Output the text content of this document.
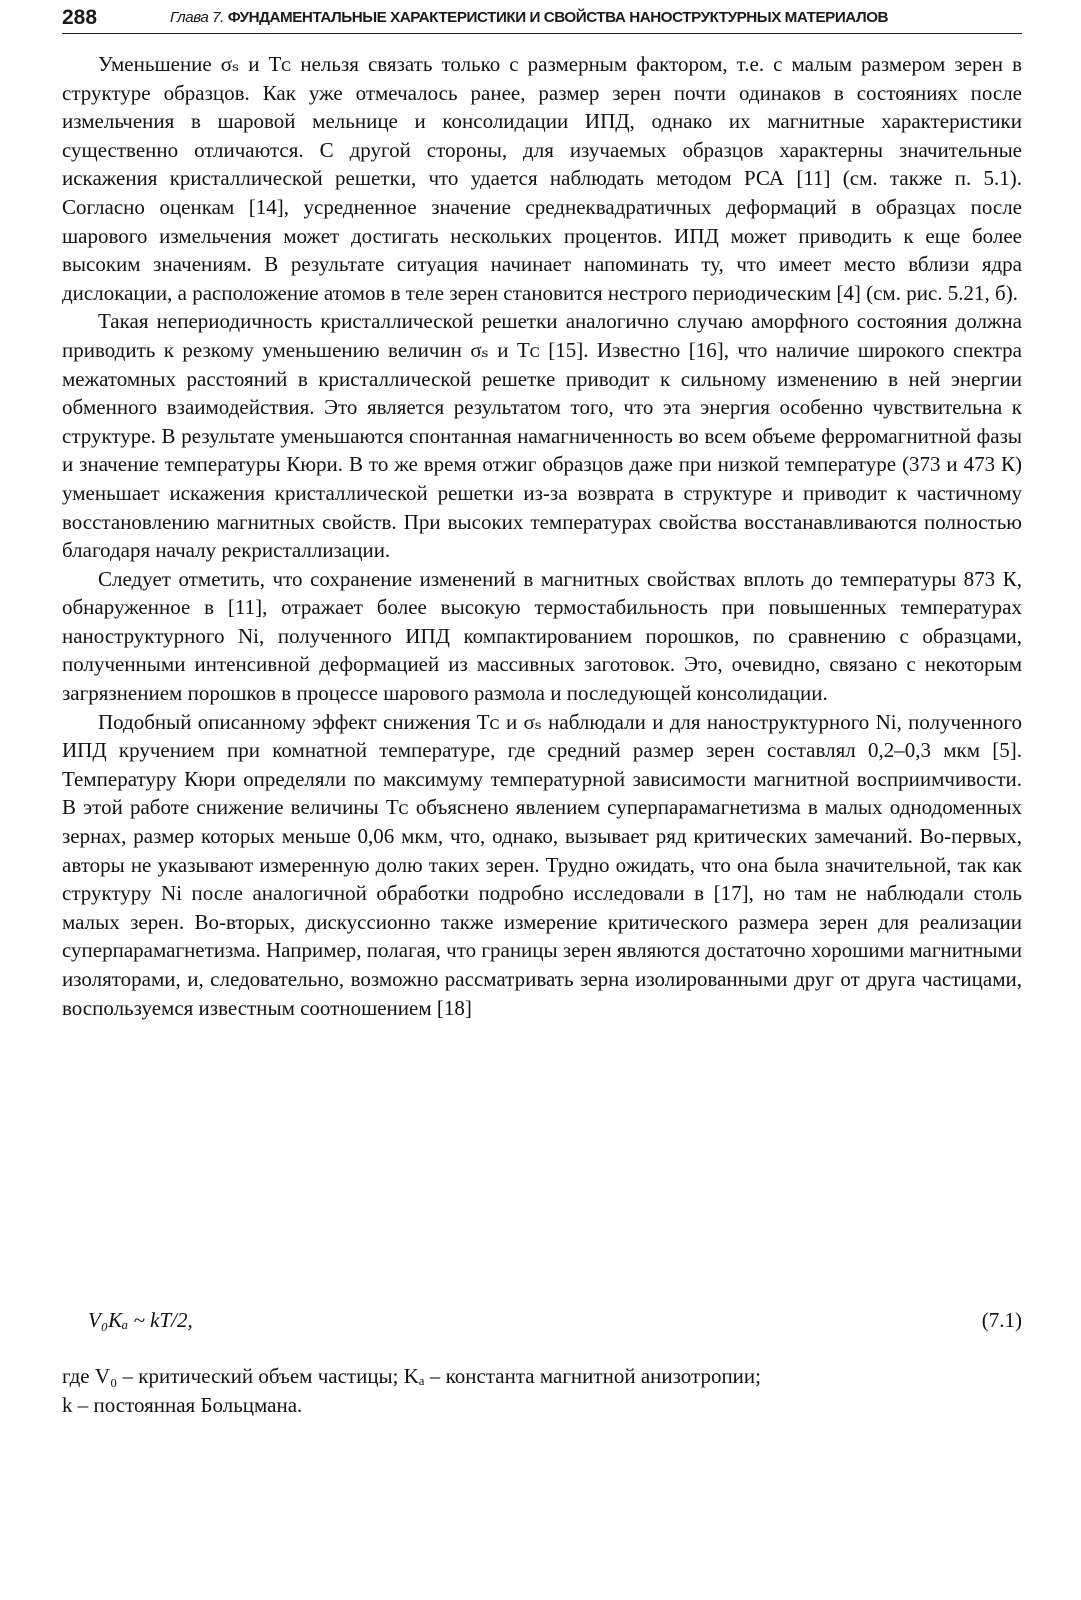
288	Глава 7. ФУНДАМЕНТАЛЬНЫЕ ХАРАКТЕРИСТИКИ И СВОЙСТВА НАНОСТРУКТУРНЫХ МАТЕРИАЛОВ

Уменьшение σₛ и Tᴄ нельзя связать только с размерным фактором, т.е. с малым размером зерен в структуре образцов. Как уже отмечалось ранее, размер зерен почти одинаков в состояниях после измельчения в шаровой мельнице и консолидации ИПД, однако их магнитные характеристики существенно отличаются. С другой стороны, для изучаемых образцов характерны значительные искажения кристаллической решетки, что удается наблюдать методом РСА [11] (см. также п. 5.1). Согласно оценкам [14], усредненное значение среднеквадратичных деформаций в образцах после шарового измельчения может достигать нескольких процентов. ИПД может приводить к еще более высоким значениям. В результате ситуация начинает напоминать ту, что имеет место вблизи ядра дислокации, а расположение атомов в теле зерен становится нестрого периодическим [4] (см. рис. 5.21, б).

Такая непериодичность кристаллической решетки аналогично случаю аморфного состояния должна приводить к резкому уменьшению величин σₛ и Tᴄ [15]. Известно [16], что наличие широкого спектра межатомных расстояний в кристаллической решетке приводит к сильному изменению в ней энергии обменного взаимодействия. Это является результатом того, что эта энергия особенно чувствительна к структуре. В результате уменьшаются спонтанная намагниченность во всем объеме ферромагнитной фазы и значение температуры Кюри. В то же время отжиг образцов даже при низкой температуре (373 и 473 К) уменьшает искажения кристаллической решетки из-за возврата в структуре и приводит к частичному восстановлению магнитных свойств. При высоких температурах свойства восстанавливаются полностью благодаря началу рекристаллизации.

Следует отметить, что сохранение изменений в магнитных свойствах вплоть до температуры 873 К, обнаруженное в [11], отражает более высокую термостабильность при повышенных температурах наноструктурного Ni, полученного ИПД компактированием порошков, по сравнению с образцами, полученными интенсивной деформацией из массивных заготовок. Это, очевидно, связано с некоторым загрязнением порошков в процессе шарового размола и последующей консолидации.

Подобный описанному эффект снижения Tᴄ и σₛ наблюдали и для наноструктурного Ni, полученного ИПД кручением при комнатной температуре, где средний размер зерен составлял 0,2–0,3 мкм [5]. Температуру Кюри определяли по максимуму температурной зависимости магнитной восприимчивости. В этой работе снижение величины Tᴄ объяснено явлением суперпарамагнетизма в малых однодоменных зернах, размер которых меньше 0,06 мкм, что, однако, вызывает ряд критических замечаний. Во-первых, авторы не указывают измеренную долю таких зерен. Трудно ожидать, что она была значительной, так как структуру Ni после аналогичной обработки подробно исследовали в [17], но там не наблюдали столь малых зерен. Во-вторых, дискуссионно также измерение критического размера зерен для реализации суперпарамагнетизма. Например, полагая, что границы зерен являются достаточно хорошими магнитными изоляторами, и, следовательно, возможно рассматривать зерна изолированными друг от друга частицами, воспользуемся известным соотношением [18]

V₀Kₐ ~ kT/2,	(7.1)

где V₀ – критический объем частицы; Kₐ – константа магнитной анизотропии;

k – постоянная Больцмана.
